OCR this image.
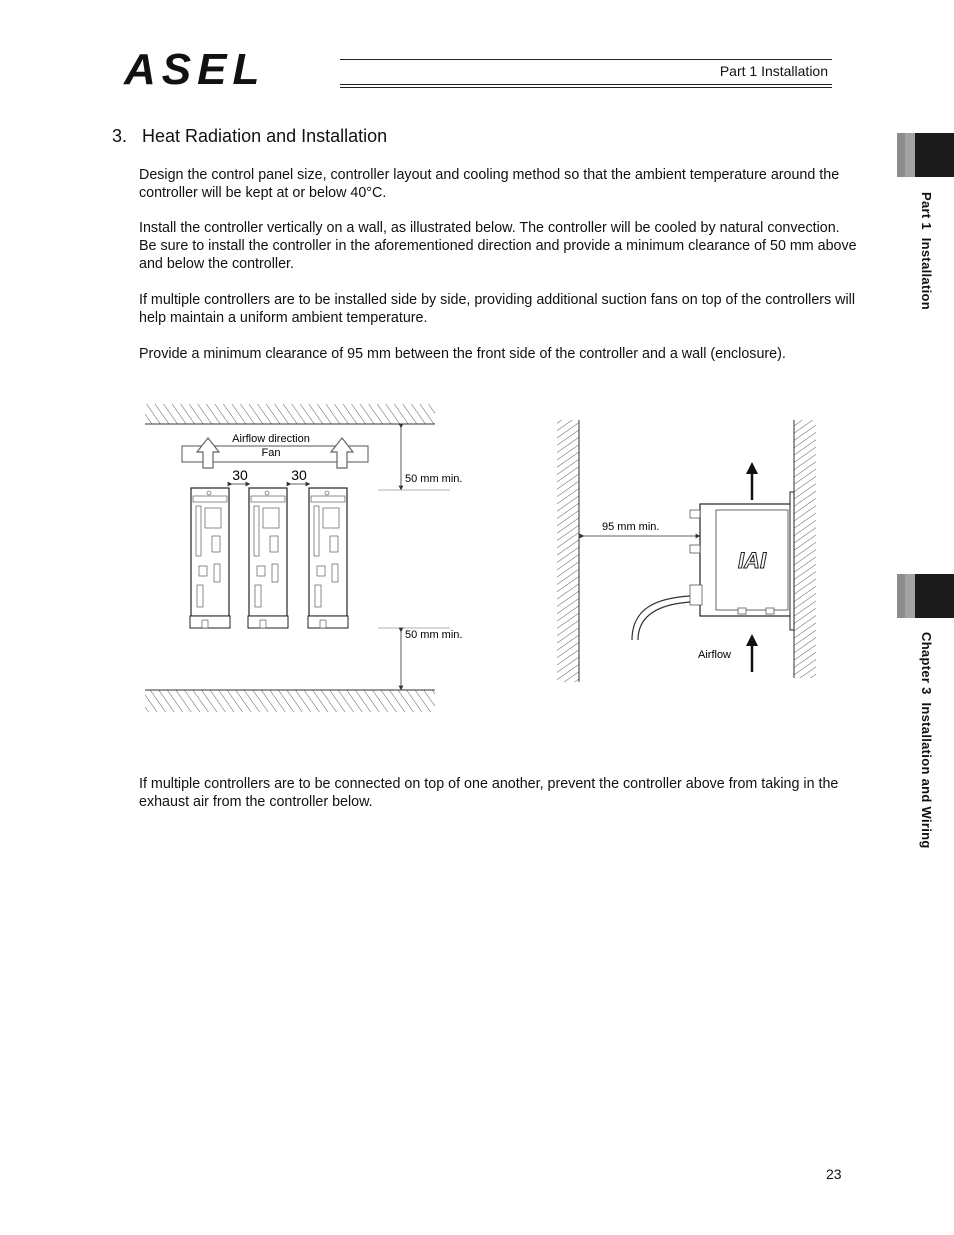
ASEL	Part 1 Installation
3.   Heat Radiation and Installation
Design the control panel size, controller layout and cooling method so that the ambient temperature around the controller will be kept at or below 40°C.
Install the controller vertically on a wall, as illustrated below. The controller will be cooled by natural convection. Be sure to install the controller in the aforementioned direction and provide a minimum clearance of 50 mm above and below the controller.
If multiple controllers are to be installed side by side, providing additional suction fans on top of the controllers will help maintain a uniform ambient temperature.
Provide a minimum clearance of 95 mm between the front side of the controller and a wall (enclosure).
If multiple controllers are to be connected on top of one another, prevent the controller above from taking in the exhaust air from the controller below.
Airflow direction
Fan
30	30	50 mm min.
50 mm min.
95 mm min.
IAI
Airflow
Part 1  Installation
Chapter 3  Installation and Wiring
23
